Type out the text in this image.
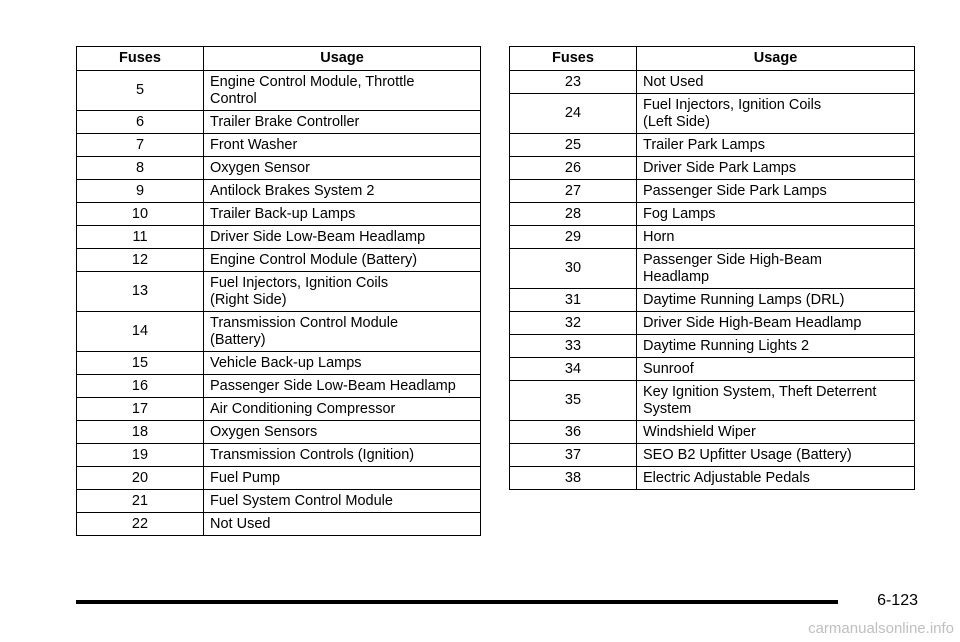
Fuses	Usage
5	Engine Control Module, Throttle
Control
6	Trailer Brake Controller
7	Front Washer
8	Oxygen Sensor
9	Antilock Brakes System 2
10	Trailer Back-up Lamps
11	Driver Side Low-Beam Headlamp
12	Engine Control Module (Battery)
13	Fuel Injectors, Ignition Coils
(Right Side)
14	Transmission Control Module
(Battery)
15	Vehicle Back-up Lamps
16	Passenger Side Low-Beam Headlamp
17	Air Conditioning Compressor
18	Oxygen Sensors
19	Transmission Controls (Ignition)
20	Fuel Pump
21	Fuel System Control Module
22	Not Used
Fuses	Usage
23	Not Used
24	Fuel Injectors, Ignition Coils
(Left Side)
25	Trailer Park Lamps
26	Driver Side Park Lamps
27	Passenger Side Park Lamps
28	Fog Lamps
29	Horn
30	Passenger Side High-Beam
Headlamp
31	Daytime Running Lamps (DRL)
32	Driver Side High-Beam Headlamp
33	Daytime Running Lights 2
34	Sunroof
35	Key Ignition System, Theft Deterrent
System
36	Windshield Wiper
37	SEO B2 Upfitter Usage (Battery)
38	Electric Adjustable Pedals
6-123
carmanualsonline.info
